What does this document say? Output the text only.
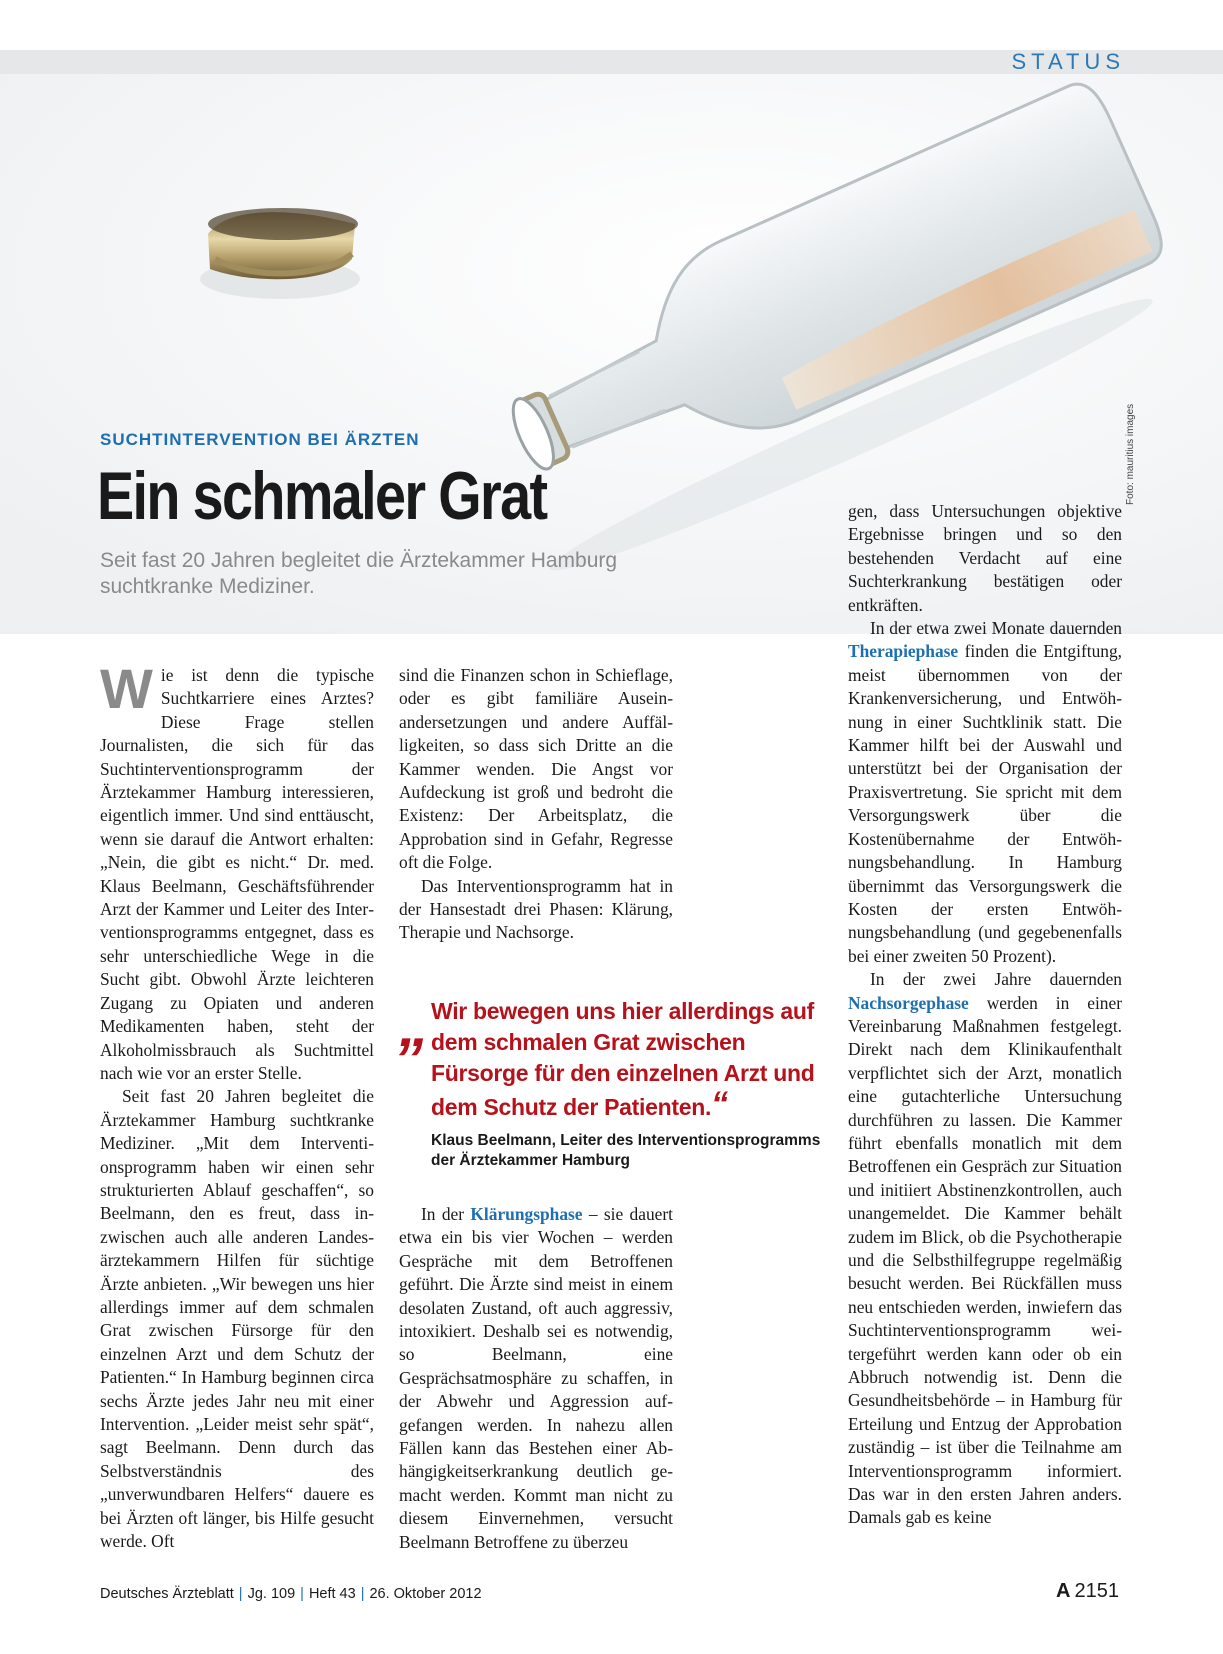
STATUS
Foto: mauritius images
SUCHTINTERVENTION BEI ÄRZTEN
Ein schmaler Grat

Seit fast 20 Jahren begleitet die Ärztekammer Hamburg suchtkranke Mediziner.

Wie ist denn die typische Suchtkarriere eines Arztes? Diese Frage stellen Journalisten, die sich für das Suchtinterventionsprogramm der Ärztekammer Hamburg interessieren, eigentlich immer. Und sind enttäuscht, wenn sie darauf die Antwort erhalten: „Nein, die gibt es nicht.“ Dr. med. Klaus Beelmann, Geschäftsführender Arzt der Kammer und Leiter des Interventionsprogramms entgegnet, dass es sehr unterschiedliche Wege in die Sucht gibt. Obwohl Ärzte leichteren Zugang zu Opiaten und anderen Medikamenten haben, steht der Alkoholmissbrauch als Suchtmittel nach wie vor an erster Stelle.

Seit fast 20 Jahren begleitet die Ärztekammer Hamburg suchtkranke Mediziner. „Mit dem Interventionsprogramm haben wir einen sehr strukturierten Ablauf geschaffen“, so Beelmann, den es freut, dass inzwischen auch alle anderen Landesärztekammern Hilfen für süchtige Ärzte anbieten. „Wir bewegen uns hier allerdings immer auf dem schmalen Grat zwischen Fürsorge für den einzelnen Arzt und dem Schutz der Patienten.“ In Hamburg beginnen circa sechs Ärzte jedes Jahr neu mit einer Intervention. „Leider meist sehr spät“, sagt Beelmann. Denn durch das Selbstverständnis des „unverwundbaren Helfers“ dauere es bei Ärzten oft länger, bis Hilfe gesucht werde. Oft

sind die Finanzen schon in Schieflage, oder es gibt familiäre Auseinandersetzungen und andere Auffälligkeiten, so dass sich Dritte an die Kammer wenden. Die Angst vor Aufdeckung ist groß und bedroht die Existenz: Der Arbeitsplatz, die Approbation sind in Gefahr, Regresse oft die Folge.

Das Interventionsprogramm hat in der Hansestadt drei Phasen: Klärung, Therapie und Nachsorge.

„ Wir bewegen uns hier allerdings auf dem schmalen Grat zwischen Fürsorge für den einzelnen Arzt und dem Schutz der Patienten.“

Klaus Beelmann, Leiter des Interventionsprogramms der Ärztekammer Hamburg

In der Klärungsphase – sie dauert etwa ein bis vier Wochen – werden Gespräche mit dem Betroffenen geführt. Die Ärzte sind meist in einem desolaten Zustand, oft auch aggressiv, intoxikiert. Deshalb sei es notwendig, so Beelmann, eine Gesprächsatmosphäre zu schaffen, in der Abwehr und Aggression aufgefangen werden. In nahezu allen Fällen kann das Bestehen einer Abhängigkeitserkrankung deutlich gemacht werden. Kommt man nicht zu diesem Einvernehmen, versucht Beelmann Betroffene zu überzeu

gen, dass Untersuchungen objektive Ergebnisse bringen und so den bestehenden Verdacht auf eine Suchterkrankung bestätigen oder entkräften.

In der etwa zwei Monate dauernden Therapiephase finden die Entgiftung, meist übernommen von der Krankenversicherung, und Entwöhnung in einer Suchtklinik statt. Die Kammer hilft bei der Auswahl und unterstützt bei der Organisation der Praxisvertretung. Sie spricht mit dem Versorgungswerk über die Kostenübernahme der Entwöhnungsbehandlung. In Hamburg übernimmt das Versorgungswerk die Kosten der ersten Entwöhnungsbehandlung (und gegebenenfalls bei einer zweiten 50 Prozent).

In der zwei Jahre dauernden Nachsorgephase werden in einer Vereinbarung Maßnahmen festgelegt. Direkt nach dem Klinikaufenthalt verpflichtet sich der Arzt, monatlich eine gutachterliche Untersuchung durchführen zu lassen. Die Kammer führt ebenfalls monatlich mit dem Betroffenen ein Gespräch zur Situation und initiiert Abstinenzkontrollen, auch unangemeldet. Die Kammer behält zudem im Blick, ob die Psychotherapie und die Selbsthilfegruppe regelmäßig besucht werden. Bei Rückfällen muss neu entschieden werden, inwiefern das Suchtinterventionsprogramm weitergeführt werden kann oder ob ein Abbruch notwendig ist. Denn die Gesundheitsbehörde – in Hamburg für Erteilung und Entzug der Approbation zuständig – ist über die Teilnahme am Interventionsprogramm informiert. Das war in den ersten Jahren anders. Damals gab es keine

Deutsches Ärzteblatt | Jg. 109 | Heft 43 | 26. Oktober 2012	A 2151
